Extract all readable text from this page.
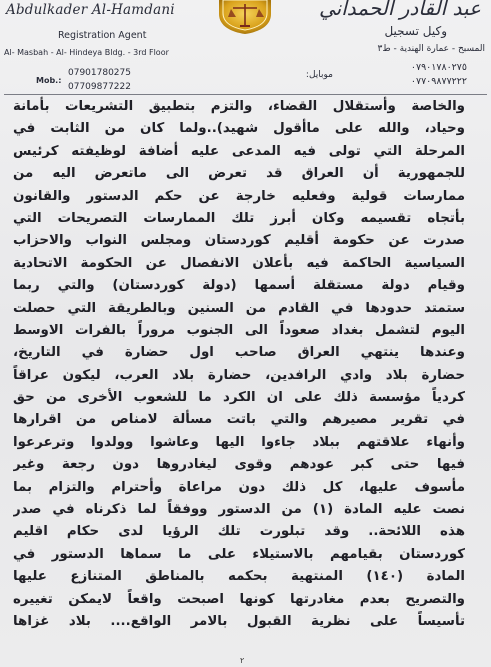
Abdulkader Al-Hamdani
Registration Agent
Al- Masbah - Al- Hindeya Bldg. - 3rd Floor
Mob.:
07901780275
07709877222
عبد القادر الحمداني
وكيل تسجيل
المسبح - عمارة الهندية - ط٣
موبايل:
٠٧٩٠١٧٨٠٢٧٥
٠٧٧٠٩٨٧٧٢٢٢
والخاصة وأستقلال القضاء، والتزم بتطبيق التشريعات بأمانة
وحياد، والله على ماأقول شهيد)..ولما كان من الثابت في
المرحلة التي تولى فيه المدعى عليه أضافة لوظيفته كرئيس
للجمهورية أن العراق قد تعرض الى ماتعرض اليه من
ممارسات قولية وفعليه خارجة عن حكم الدستور والقانون
بأتجاه تقسيمه وكان أبرز تلك الممارسات التصريحات التي
صدرت عن حكومة أقليم كوردستان ومجلس النواب والاحزاب
السياسية الحاكمة فيه بأعلان الانفصال عن الحكومة الاتحادية
وقيام دولة مستقلة أسمها (دولة كوردستان) والتي ربما
ستمتد حدودها في القادم من السنين وبالطريقة التي حصلت
اليوم لتشمل بغداد صعوداً الى الجنوب مروراً بالفرات الاوسط
وعندها ينتهي العراق صاحب اول حضارة في التاريخ،
حضارة بلاد وادي الرافدين، حضارة بلاد العرب، ليكون عراقاً
كردياً مؤسسة ذلك على ان الكرد ما للشعوب الأخرى من حق
في تقرير مصيرهم والتي باتت مسألة لامناص من اقرارها
وأنهاء علاقتهم ببلاد جاءوا اليها وعاشوا وولدوا وترعرعوا
فيها حتى كبر عودهم وقوى ليغادروها دون رجعة وغير
مأسوف عليها، كل ذلك دون مراعاة وأحترام والتزام بما
نصت عليه المادة (١) من الدستور ووفقاً لما ذكرناه في صدر
هذه اللائحة.. وقد تبلورت تلك الرؤيا لدى حكام اقليم
كوردستان بقيامهم بالاستيلاء على ما سماها الدستور في
المادة (١٤٠) المنتهية بحكمه بالمناطق المتنازع عليها
والتصريح بعدم مغادرتها كونها اصبحت واقعاً لايمكن تغييره
تأسيساً على نظرية القبول بالامر الواقع.... بلاد غزاها
٢
